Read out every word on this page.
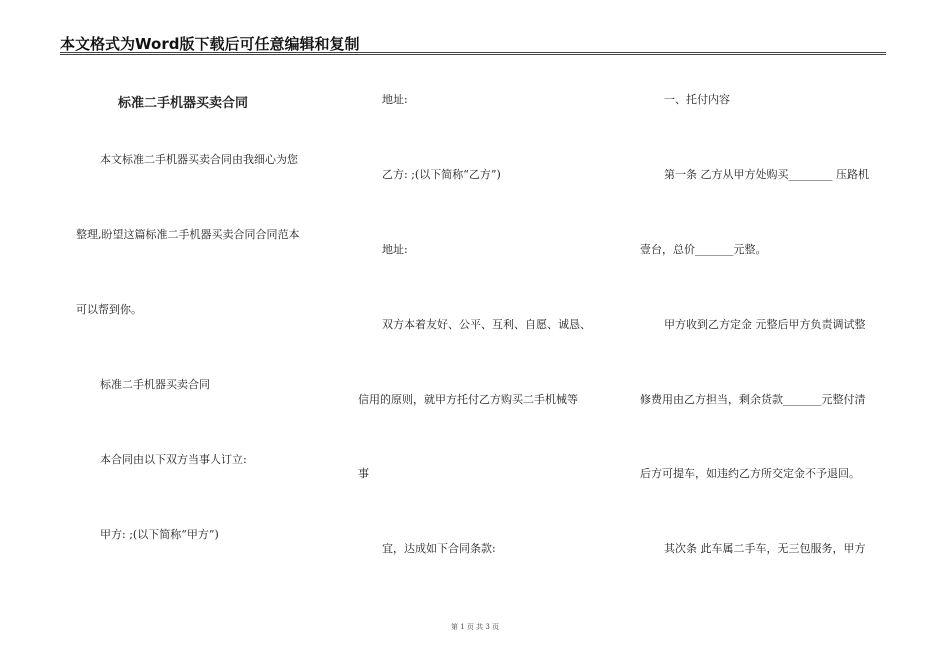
本文格式为Word版下载后可任意编辑和复制
标准二手机器买卖合同
本文标准二手机器买卖合同由我细心为您
整理,盼望这篇标准二手机器买卖合同合同范本
可以帮到你。
标准二手机器买卖合同
本合同由以下双方当事人订立:
甲方: ;(以下简称“甲方”)
地址:
乙方: ;(以下简称“乙方”)
地址:
双方本着友好、公平、互利、自愿、诚恳、
信用的原则，就甲方托付乙方购买二手机械等
事
宜，达成如下合同条款:
一、托付内容
第一条 乙方从甲方处购买________ 压路机
壹台，总价_______元整。
甲方收到乙方定金 元整后甲方负责调试整
修费用由乙方担当，剩余货款_______元整付清
后方可提车，如违约乙方所交定金不予退回。
其次条 此车属二手车，无三包服务，甲方
第 1 页 共 3 页
